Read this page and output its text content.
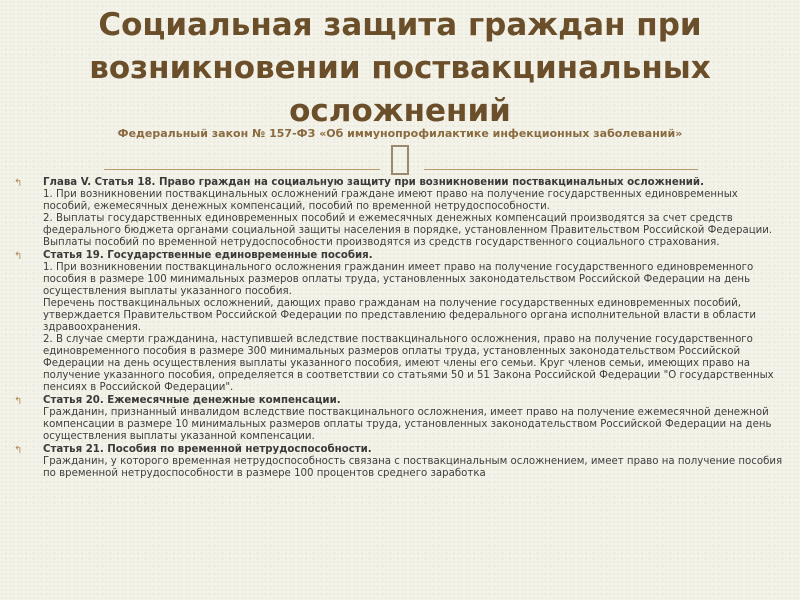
Социальная защита граждан при возникновении поствакцинальных осложнений
Федеральный закон № 157-ФЗ «Об иммунопрофилактике инфекционных заболеваний»
↰ Глава V. Статья 18. Право граждан на социальную защиту при возникновении поствакцинальных осложнений.
1. При возникновении поствакцинальных осложнений граждане имеют право на получение государственных единовременных пособий, ежемесячных денежных компенсаций, пособий по временной нетрудоспособности.
2. Выплаты государственных единовременных пособий и ежемесячных денежных компенсаций производятся за счет средств федерального бюджета органами социальной защиты населения в порядке, установленном Правительством Российской Федерации.
Выплаты пособий по временной нетрудоспособности производятся из средств государственного социального страхования.
↰ Статья 19. Государственные единовременные пособия.
1. При возникновении поствакцинального осложнения гражданин имеет право на получение государственного единовременного пособия в размере 100 минимальных размеров оплаты труда, установленных законодательством Российской Федерации на день осуществления выплаты указанного пособия.
Перечень поствакцинальных осложнений, дающих право гражданам на получение государственных единовременных пособий, утверждается Правительством Российской Федерации по представлению федерального органа исполнительной власти в области здравоохранения.
2. В случае смерти гражданина, наступившей вследствие поствакцинального осложнения, право на получение государственного единовременного пособия в размере 300 минимальных размеров оплаты труда, установленных законодательством Российской Федерации на день осуществления выплаты указанного пособия, имеют члены его семьи. Круг членов семьи, имеющих право на получение указанного пособия, определяется в соответствии со статьями 50 и 51 Закона Российской Федерации "О государственных пенсиях в Российской Федерации".
↰ Статья 20. Ежемесячные денежные компенсации.
Гражданин, признанный инвалидом вследствие поствакцинального осложнения, имеет право на получение ежемесячной денежной компенсации в размере 10 минимальных размеров оплаты труда, установленных законодательством Российской Федерации на день осуществления выплаты указанной компенсации.
↰ Статья 21. Пособия по временной нетрудоспособности.
Гражданин, у которого временная нетрудоспособность связана с поствакцинальным осложнением, имеет право на получение пособия по временной нетрудоспособности в размере 100 процентов среднего заработка
